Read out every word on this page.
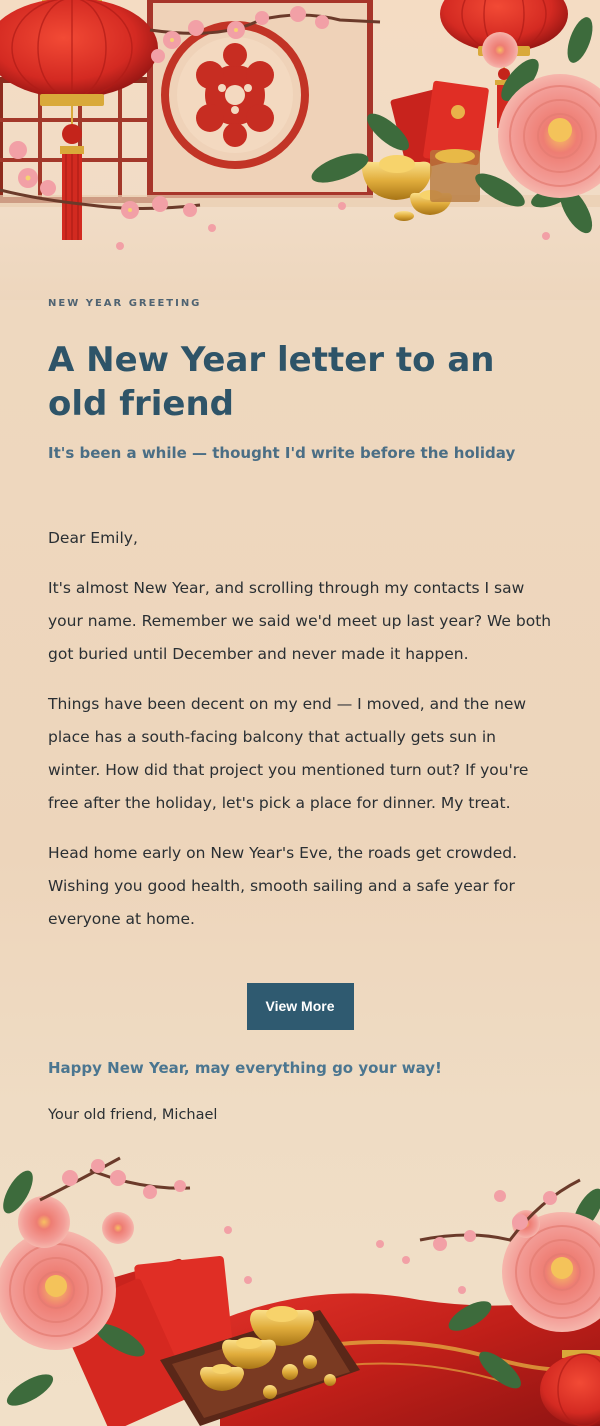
NEW YEAR GREETING
A New Year letter to an old friend
It's been a while — thought I'd write before the holiday

Dear Emily,

It's almost New Year, and scrolling through my contacts I saw your name. Remember we said we'd meet up last year? We both got buried until December and never made it happen.

Things have been decent on my end — I moved, and the new place has a south-facing balcony that actually gets sun in winter. How did that project you mentioned turn out? If you're free after the holiday, let's pick a place for dinner. My treat.

Head home early on New Year's Eve, the roads get crowded. Wishing you good health, smooth sailing and a safe year for everyone at home.

View More
Happy New Year, may everything go your way!
Your old friend, Michael
